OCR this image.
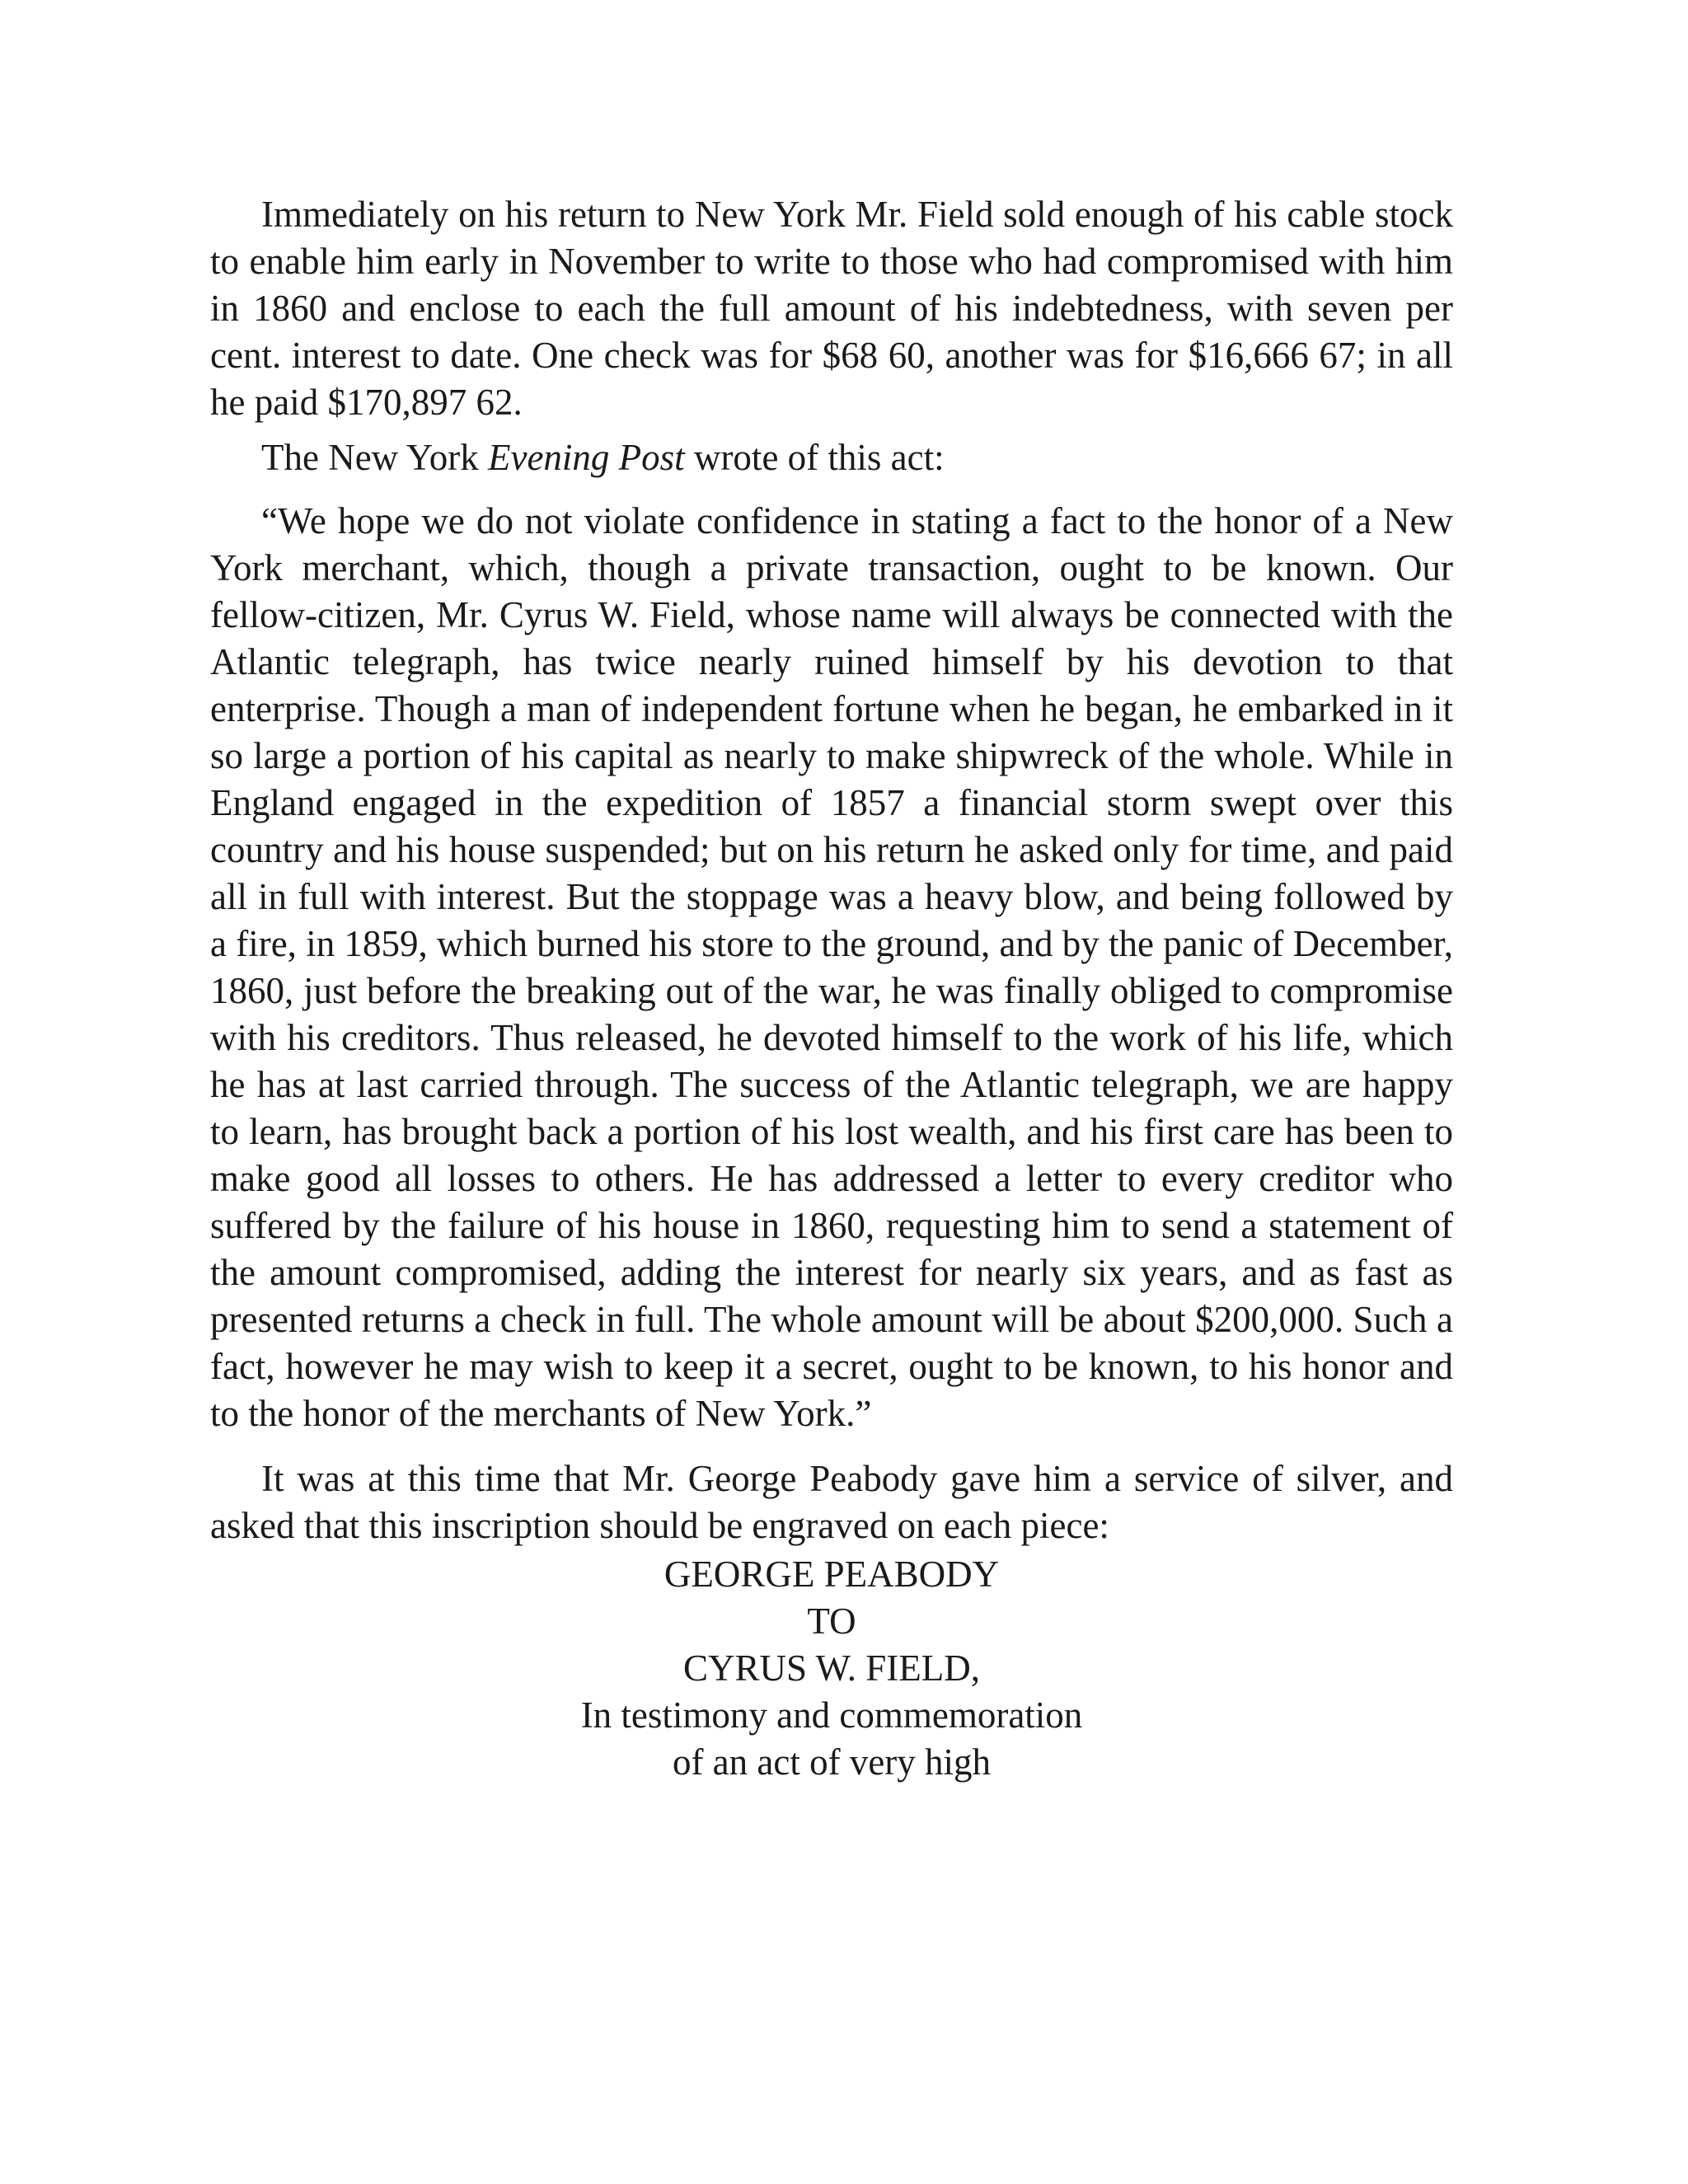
Immediately on his return to New York Mr. Field sold enough of his cable stock to enable him early in November to write to those who had compromised with him in 1860 and enclose to each the full amount of his indebtedness, with seven per cent. interest to date. One check was for $68 60, another was for $16,666 67; in all he paid $170,897 62.

The New York Evening Post wrote of this act:

“We hope we do not violate confidence in stating a fact to the honor of a New York merchant, which, though a private transaction, ought to be known. Our fellow-citizen, Mr. Cyrus W. Field, whose name will always be connected with the Atlantic telegraph, has twice nearly ruined himself by his devotion to that enterprise. Though a man of independent fortune when he began, he embarked in it so large a portion of his capital as nearly to make shipwreck of the whole. While in England engaged in the expedition of 1857 a financial storm swept over this country and his house suspended; but on his return he asked only for time, and paid all in full with interest. But the stoppage was a heavy blow, and being followed by a fire, in 1859, which burned his store to the ground, and by the panic of December, 1860, just before the breaking out of the war, he was finally obliged to compromise with his creditors. Thus released, he devoted himself to the work of his life, which he has at last carried through. The success of the Atlantic telegraph, we are happy to learn, has brought back a portion of his lost wealth, and his first care has been to make good all losses to others. He has addressed a letter to every creditor who suffered by the failure of his house in 1860, requesting him to send a statement of the amount compromised, adding the interest for nearly six years, and as fast as presented returns a check in full. The whole amount will be about $200,000. Such a fact, however he may wish to keep it a secret, ought to be known, to his honor and to the honor of the merchants of New York.”

It was at this time that Mr. George Peabody gave him a service of silver, and asked that this inscription should be engraved on each piece:

GEORGE PEABODY
TO
CYRUS W. FIELD,
In testimony and commemoration
of an act of very high
